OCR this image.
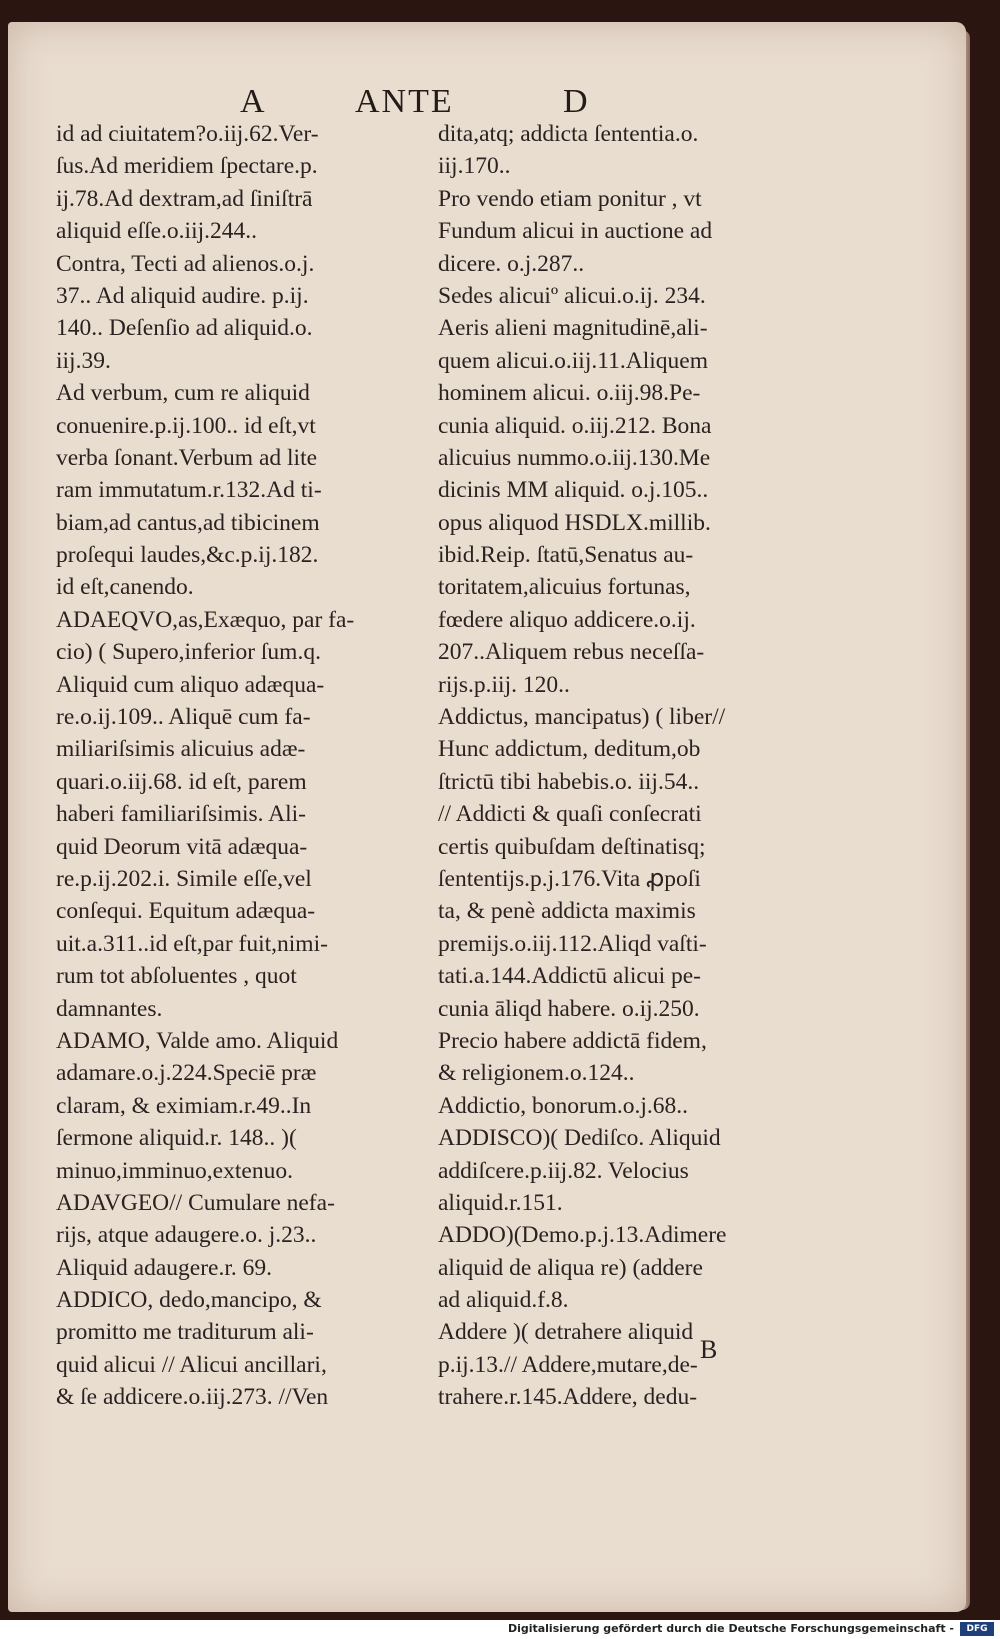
A	ANTE	D
id ad ciuitatem?o.iij.62.Ver-
ſus.Ad meridiem ſpectare.p.
ij.78.Ad dextram,ad ſiniſtrā
aliquid eſſe.o.iij.244..
Contra, Tecti ad alienos.o.j.
37.. Ad aliquid audire. p.ij.
140.. Deſenſio ad aliquid.o.
iij.39.
Ad verbum, cum re aliquid
conuenire.p.ij.100.. id eſt,vt
verba ſonant.Verbum ad lite
ram immutatum.r.132.Ad ti-
biam,ad cantus,ad tibicinem
proſequi laudes,&c.p.ij.182.
id eſt,canendo.
ADAEQVO,as,Exæquo, par fa-
cio) ( Supero,inferior ſum.q.
Aliquid cum aliquo adæqua-
re.o.ij.109.. Aliquē cum fa-
miliariſsimis alicuius adæ-
quari.o.iij.68. id eſt, parem
haberi familiariſsimis. Ali-
quid Deorum vitā adæqua-
re.p.ij.202.i. Simile eſſe,vel
conſequi. Equitum adæqua-
uit.a.311..id eſt,par fuit,nimi-
rum tot abſoluentes , quot
damnantes.
ADAMO, Valde amo. Aliquid
adamare.o.j.224.Speciē præ
claram, & eximiam.r.49..In
ſermone aliquid.r. 148.. )(
minuo,imminuo,extenuo.
ADAVGEO// Cumulare nefa-
rijs, atque adaugere.o. j.23..
Aliquid adaugere.r. 69.
ADDICO, dedo,mancipo, &
promitto me traditurum ali-
quid alicui // Alicui ancillari,
& ſe addicere.o.iij.273. //Ven
dita,atq; addicta ſententia.o.
iij.170..
Pro vendo etiam ponitur , vt
Fundum alicui in auctione ad
dicere. o.j.287..
Sedes alicuiº alicui.o.ij. 234.
Aeris alieni magnitudinē,ali-
quem alicui.o.iij.11.Aliquem
hominem alicui. o.iij.98.Pe-
cunia aliquid. o.iij.212. Bona
alicuius nummo.o.iij.130.Me
dicinis MM aliquid. o.j.105..
opus aliquod HSDLX.millib.
ibid.Reip. ſtatū,Senatus au-
toritatem,alicuius fortunas,
fœdere aliquo addicere.o.ij.
207..Aliquem rebus neceſſa-
rijs.p.iij. 120..
Addictus, mancipatus) ( liber//
Hunc addictum, deditum,ob
ſtrictū tibi habebis.o. iij.54..
// Addicti & quaſi conſecrati
certis quibuſdam deſtinatisq;
ſententijs.p.j.176.Vita ꝓpoſi
ta, & penè addicta maximis
premijs.o.iij.112.Aliqd vaſti-
tati.a.144.Addictū alicui pe-
cunia āliqd habere. o.ij.250.
Precio habere addictā fidem,
& religionem.o.124..
Addictio, bonorum.o.j.68..
ADDISCO)( Dediſco. Aliquid
addiſcere.p.iij.82. Velocius
aliquid.r.151.
ADDO)(Demo.p.j.13.Adimere
aliquid de aliqua re) (addere
ad aliquid.f.8.
Addere )( detrahere aliquid
p.ij.13.// Addere,mutare,de-
trahere.r.145.Addere, dedu-
B
Digitalisierung gefördert durch die Deutsche Forschungsgemeinschaft -	DFG
